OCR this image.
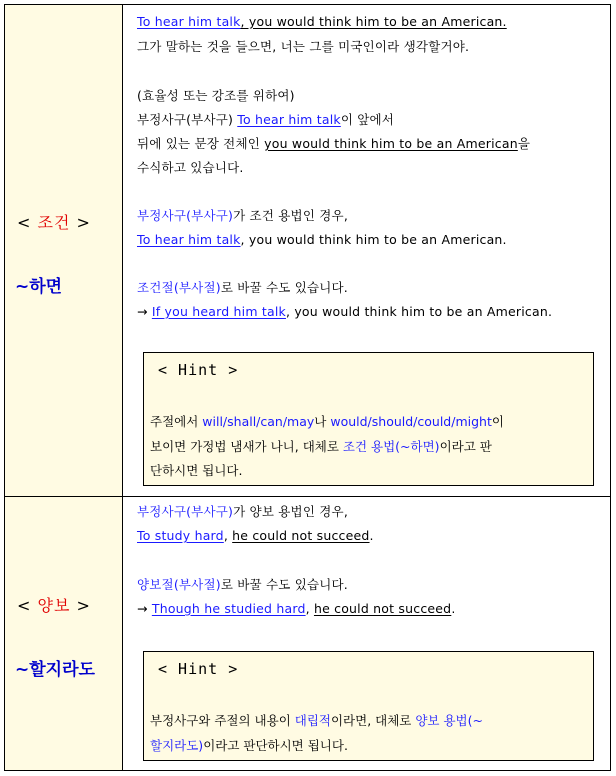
< 조건 >
~하면
To hear him talk, you would think him to be an American.
그가 말하는 것을 들으면, 너는 그를 미국인이라 생각할거야.
(효율성 또는 강조를 위하여)
부정사구(부사구) To hear him talk이 앞에서
뒤에 있는 문장 전체인 you would think him to be an American을
수식하고 있습니다.
부정사구(부사구)가 조건 용법인 경우,
To hear him talk, you would think him to be an American.
조건절(부사절)로 바꿀 수도 있습니다.
→ If you heard him talk, you would think him to be an American.
< Hint >
주절에서 will/shall/can/may나 would/should/could/might이
보이면 가정법 냄새가 나니, 대체로 조건 용법(~하면)이라고 판
단하시면 됩니다.
< 양보 >
~할지라도
부정사구(부사구)가 양보 용법인 경우,
To study hard, he could not succeed.
양보절(부사절)로 바꿀 수도 있습니다.
→ Though he studied hard, he could not succeed.
< Hint >
부정사구와 주절의 내용이 대립적이라면, 대체로 양보 용법(~
할지라도)이라고 판단하시면 됩니다.
